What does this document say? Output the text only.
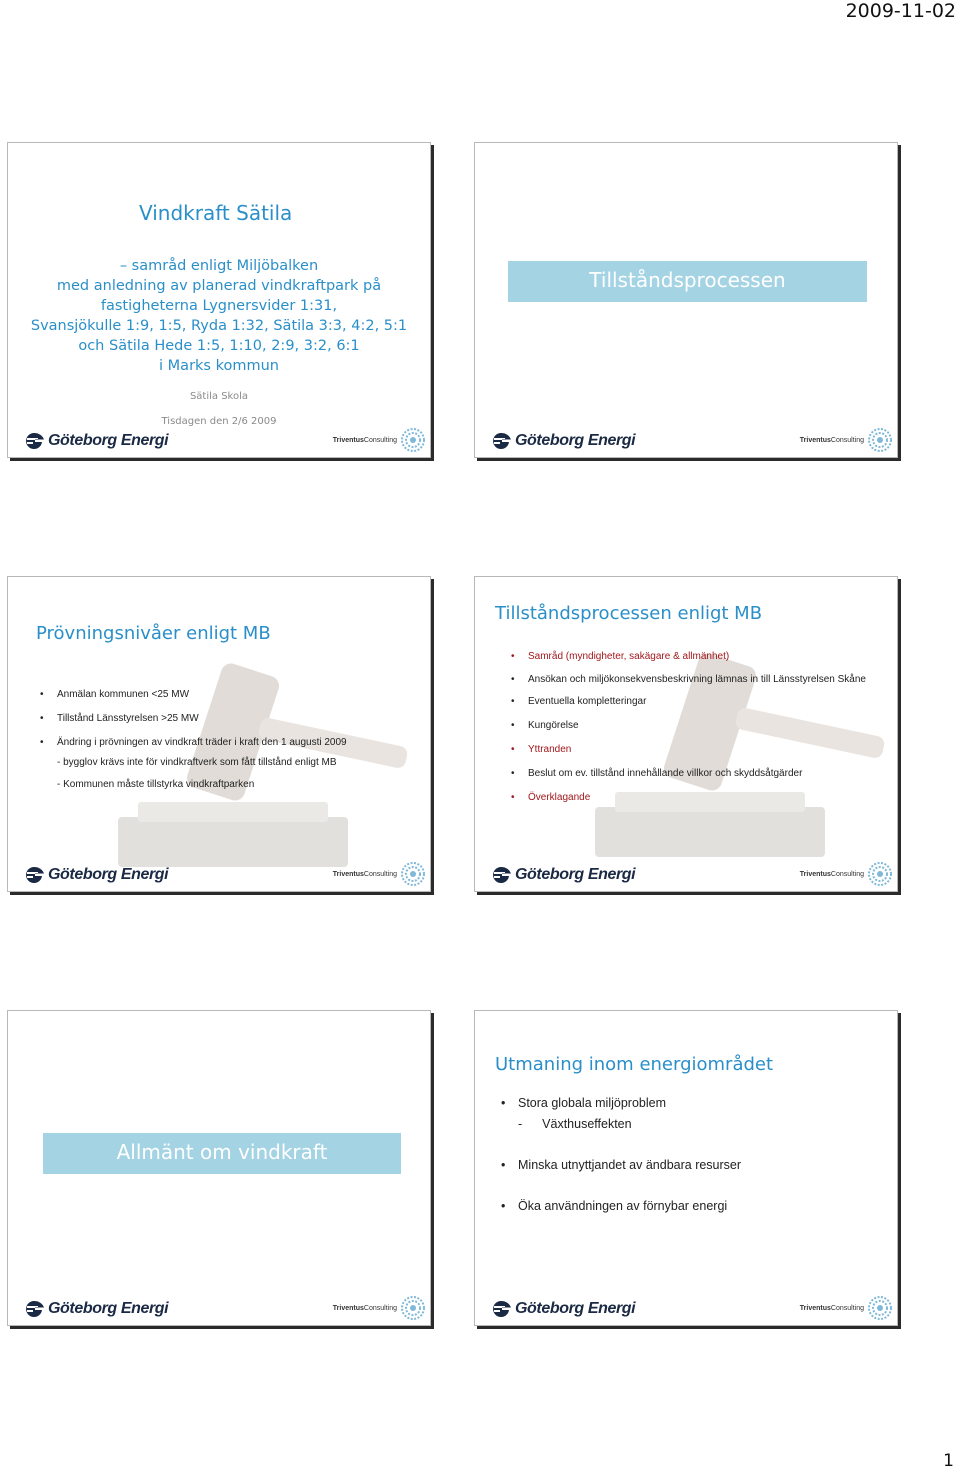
2009-11-02
Vindkraft Sätila
– samråd enligt Miljöbalken
med anledning av planerad vindkraftpark på
fastigheterna Lygnersvider 1:31,
Svansjökulle 1:9, 1:5, Ryda 1:32, Sätila 3:3, 4:2, 5:1
och Sätila Hede 1:5, 1:10, 2:9, 3:2, 6:1
i Marks kommun
Sätila Skola
Tisdagen den 2/6 2009
Göteborg Energi	TriventusConsulting
Tillståndsprocessen
Göteborg Energi	TriventusConsulting
Prövningsnivåer enligt MB
• Anmälan kommunen <25 MW
• Tillstånd Länsstyrelsen >25 MW
• Ändring i prövningen av vindkraft träder i kraft den 1 augusti 2009
- bygglov krävs inte för vindkraftverk som fått tillstånd enligt MB
- Kommunen måste tillstyrka vindkraftparken
Göteborg Energi	TriventusConsulting
Tillståndsprocessen enligt MB
• Samråd (myndigheter, sakägare & allmänhet)
• Ansökan och miljökonsekvensbeskrivning lämnas in till Länsstyrelsen Skåne
• Eventuella kompletteringar
• Kungörelse
• Yttranden
• Beslut om ev. tillstånd innehållande villkor och skyddsåtgärder
• Överklagande
Göteborg Energi	TriventusConsulting
Allmänt om vindkraft
Göteborg Energi	TriventusConsulting
Utmaning inom energiområdet
• Stora globala miljöproblem
- Växthuseffekten
• Minska utnyttjandet av ändbara resurser
• Öka användningen av förnybar energi
Göteborg Energi	TriventusConsulting
1
